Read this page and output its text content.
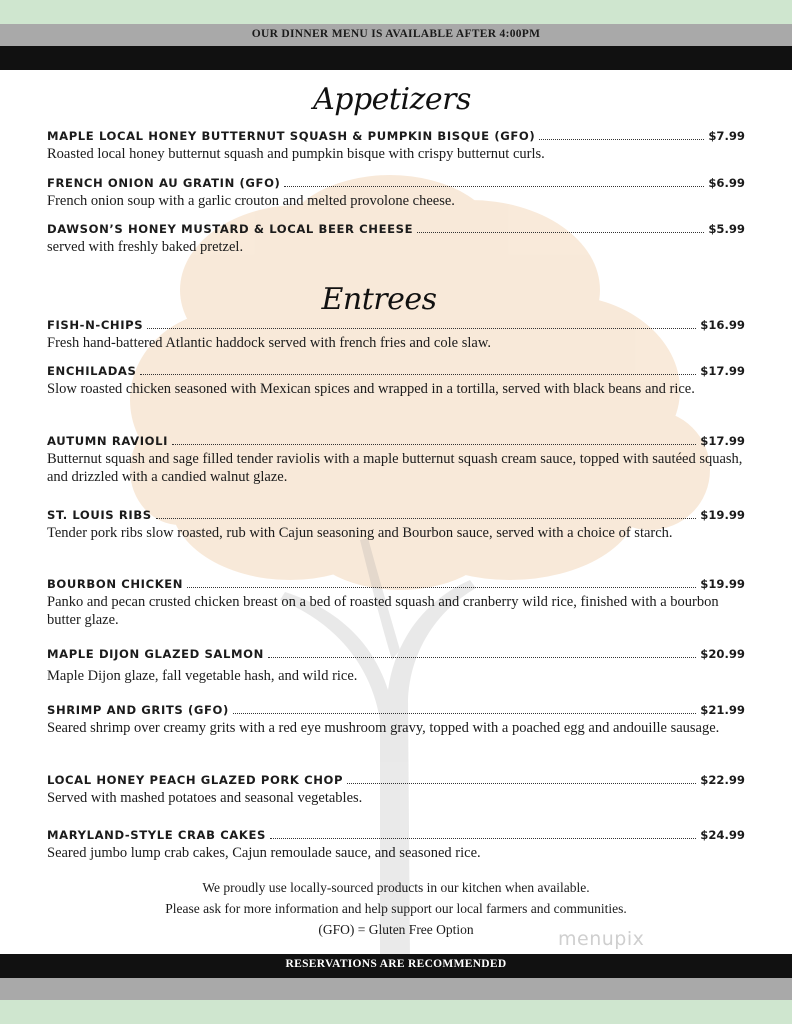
OUR DINNER MENU IS AVAILABLE AFTER 4:00PM
Appetizers
MAPLE LOCAL HONEY BUTTERNUT SQUASH & PUMPKIN BISQUE (GFO)	$7.99
Roasted local honey butternut squash and pumpkin bisque with crispy butternut curls.
FRENCH ONION AU GRATIN (GFO)	$6.99
French onion soup with a garlic crouton and melted provolone cheese.
DAWSON’S HONEY MUSTARD & LOCAL BEER CHEESE	$5.99
served with freshly baked pretzel.
Entrees
FISH-N-CHIPS	$16.99
Fresh hand-battered Atlantic haddock served with french fries and cole slaw.
ENCHILADAS	$17.99
Slow roasted chicken seasoned with Mexican spices and wrapped in a tortilla, served with black beans and rice.
AUTUMN RAVIOLI	$17.99
Butternut squash and sage filled tender raviolis with a maple butternut squash cream sauce, topped with sautéed squash, and drizzled with a candied walnut glaze.
ST. LOUIS RIBS	$19.99
Tender pork ribs slow roasted, rub with Cajun seasoning and Bourbon sauce, served with a choice of starch.
BOURBON CHICKEN	$19.99
Panko and pecan crusted chicken breast on a bed of roasted squash and cranberry wild rice, finished with a bourbon butter glaze.
MAPLE DIJON GLAZED SALMON	$20.99
Maple Dijon glaze, fall vegetable hash, and wild rice.
SHRIMP AND GRITS (GFO)	$21.99
Seared shrimp over creamy grits with a red eye mushroom gravy, topped with a poached egg and andouille sausage.
LOCAL HONEY PEACH GLAZED PORK CHOP	$22.99
Served with mashed potatoes and seasonal vegetables.
MARYLAND-STYLE CRAB CAKES	$24.99
Seared jumbo lump crab cakes, Cajun remoulade sauce, and seasoned rice.
We proudly use locally-sourced products in our kitchen when available.
Please ask for more information and help support our local farmers and communities.
(GFO) = Gluten Free Option	menupix
RESERVATIONS ARE RECOMMENDED
